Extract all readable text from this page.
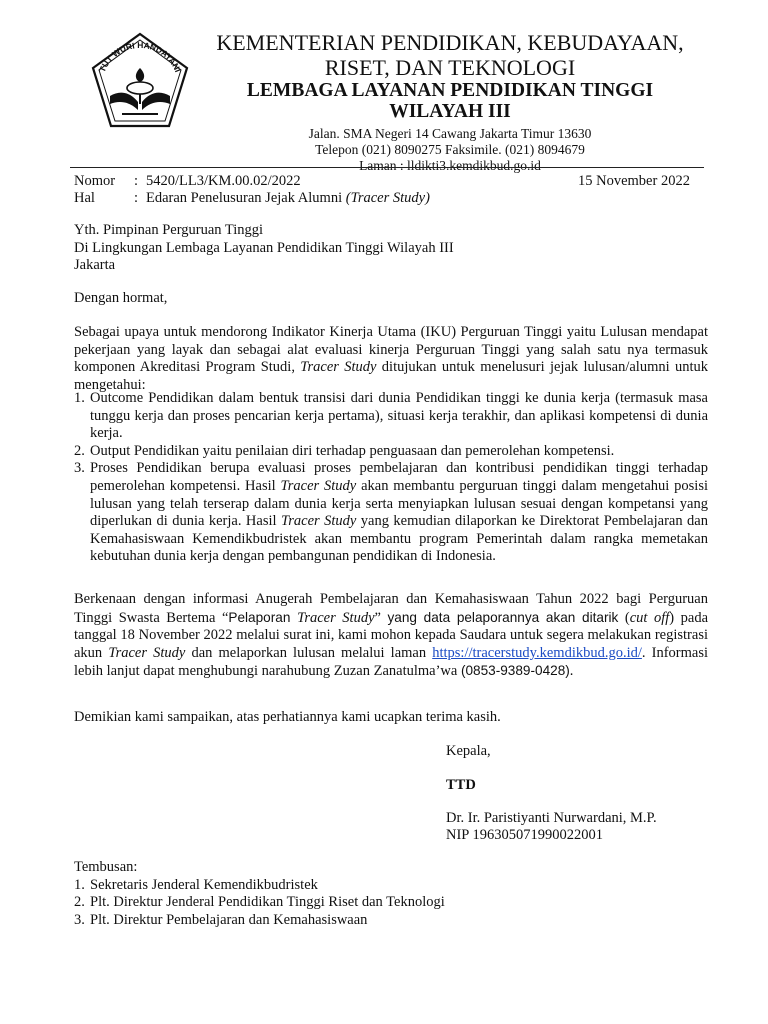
TUT WURI HANDAYANI
KEMENTERIAN PENDIDIKAN, KEBUDAYAAN,
RISET, DAN TEKNOLOGI
LEMBAGA LAYANAN PENDIDIKAN TINGGI
WILAYAH III
Jalan. SMA Negeri 14 Cawang Jakarta Timur 13630
Telepon (021) 8090275 Faksimile. (021) 8094679
Laman : lldikti3.kemdikbud.go.id
Nomor : 5420/LL3/KM.00.02/2022	15 November 2022
Hal	: Edaran Penelusuran Jejak Alumni (Tracer Study)
Yth. Pimpinan Perguruan Tinggi
Di Lingkungan Lembaga Layanan Pendidikan Tinggi Wilayah III
Jakarta
Dengan hormat,
Sebagai upaya untuk mendorong Indikator Kinerja Utama (IKU) Perguruan Tinggi yaitu Lulusan mendapat pekerjaan yang layak dan sebagai alat evaluasi kinerja Perguruan Tinggi yang salah satu nya termasuk komponen Akreditasi Program Studi, Tracer Study ditujukan untuk menelusuri jejak lulusan/alumni untuk mengetahui:
1. Outcome Pendidikan dalam bentuk transisi dari dunia Pendidikan tinggi ke dunia kerja (termasuk masa tunggu kerja dan proses pencarian kerja pertama), situasi kerja terakhir, dan aplikasi kompetensi di dunia kerja.
2. Output Pendidikan yaitu penilaian diri terhadap penguasaan dan pemerolehan kompetensi.
3. Proses Pendidikan berupa evaluasi proses pembelajaran dan kontribusi pendidikan tinggi terhadap pemerolehan kompetensi. Hasil Tracer Study akan membantu perguruan tinggi dalam mengetahui posisi lulusan yang telah terserap dalam dunia kerja serta menyiapkan lulusan sesuai dengan kompetansi yang diperlukan di dunia kerja. Hasil Tracer Study yang kemudian dilaporkan ke Direktorat Pembelajaran dan Kemahasiswaan Kemendikbudristek akan membantu program Pemerintah dalam rangka memetakan kebutuhan dunia kerja dengan pembangunan pendidikan di Indonesia.
Berkenaan dengan informasi Anugerah Pembelajaran dan Kemahasiswaan Tahun 2022 bagi Perguruan Tinggi Swasta Bertema “Pelaporan Tracer Study” yang data pelaporannya akan ditarik (cut off) pada tanggal 18 November 2022 melalui surat ini, kami mohon kepada Saudara untuk segera melakukan registrasi akun Tracer Study dan melaporkan lulusan melalui laman https://tracerstudy.kemdikbud.go.id/. Informasi lebih lanjut dapat menghubungi narahubung Zuzan Zanatulma’wa (0853-9389-0428).
Demikian kami sampaikan, atas perhatiannya kami ucapkan terima kasih.
Kepala,
TTD
Dr. Ir. Paristiyanti Nurwardani, M.P.
NIP 196305071990022001
Tembusan:
1. Sekretaris Jenderal Kemendikbudristek
2. Plt. Direktur Jenderal Pendidikan Tinggi Riset dan Teknologi
3. Plt. Direktur Pembelajaran dan Kemahasiswaan
